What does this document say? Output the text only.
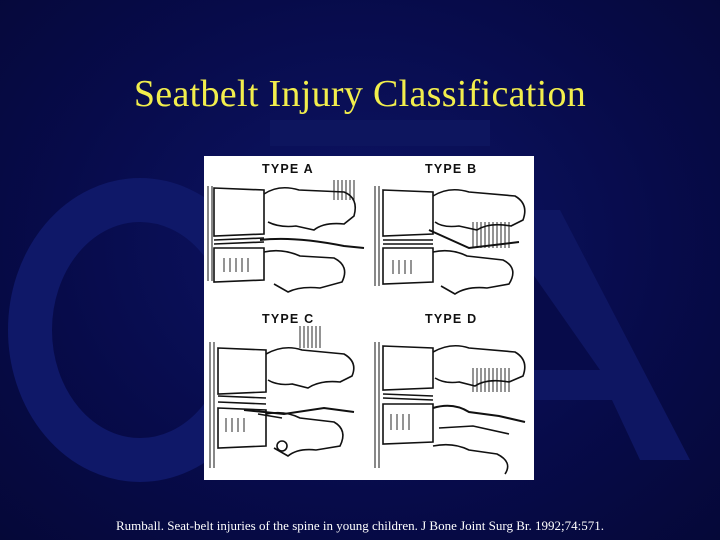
Seatbelt Injury Classification
TYPE A	TYPE B
TYPE C	TYPE D
Rumball. Seat-belt injuries of the spine in young children. J Bone Joint Surg Br. 1992;74:571.
